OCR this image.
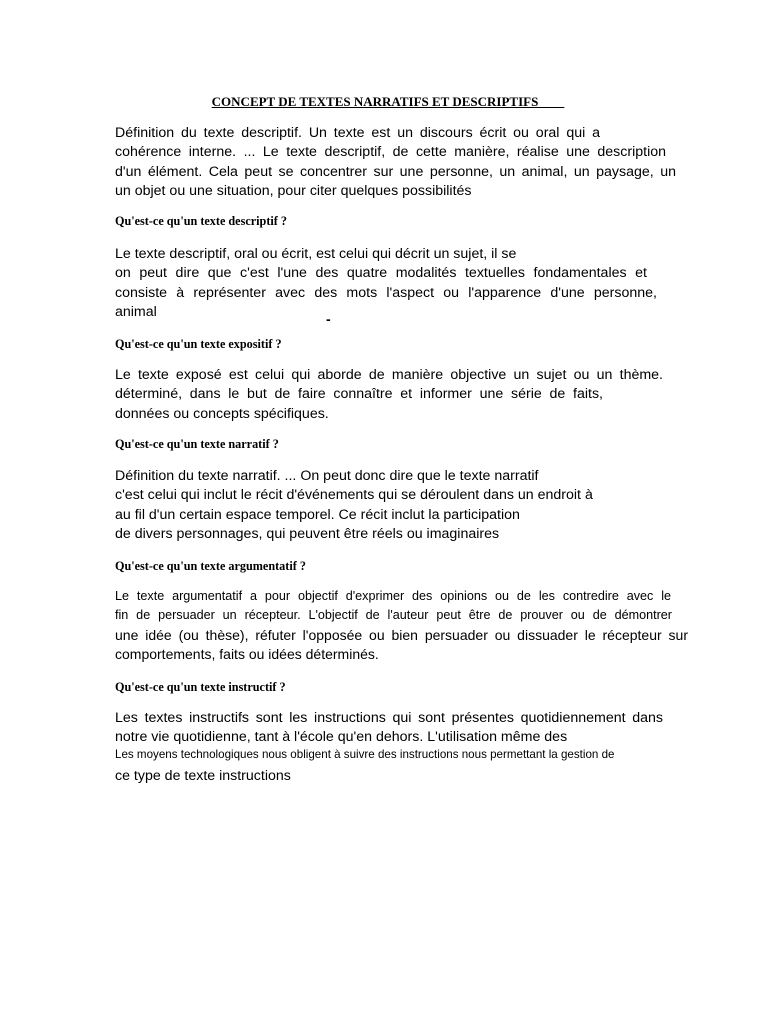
CONCEPT DE TEXTES NARRATIFS ET DESCRIPTIFS
Définition du texte descriptif. Un texte est un discours écrit ou oral qui a
cohérence interne. ... Le texte descriptif, de cette manière, réalise une description
d'un élément. Cela peut se concentrer sur une personne, un animal, un paysage, un
un objet ou une situation, pour citer quelques possibilités
Qu'est-ce qu'un texte descriptif ?
Le texte descriptif, oral ou écrit, est celui qui décrit un sujet, il se
on peut dire que c'est l'une des quatre modalités textuelles fondamentales et
consiste à représenter avec des mots l'aspect ou l'apparence d'une personne,
animal	-
Qu'est-ce qu'un texte expositif ?
Le texte exposé est celui qui aborde de manière objective un sujet ou un thème.
déterminé, dans le but de faire connaître et informer une série de faits,
données ou concepts spécifiques.
Qu'est-ce qu'un texte narratif ?
Définition du texte narratif. ... On peut donc dire que le texte narratif
c'est celui qui inclut le récit d'événements qui se déroulent dans un endroit à
au fil d'un certain espace temporel. Ce récit inclut la participation
de divers personnages, qui peuvent être réels ou imaginaires
Qu'est-ce qu'un texte argumentatif ?
Le texte argumentatif a pour objectif d'exprimer des opinions ou de les contredire avec le
fin de persuader un récepteur. L'objectif de l'auteur peut être de prouver ou de démontrer
une idée (ou thèse), réfuter l'opposée ou bien persuader ou dissuader le récepteur sur
comportements, faits ou idées déterminés.
Qu'est-ce qu'un texte instructif ?
Les textes instructifs sont les instructions qui sont présentes quotidiennement dans
notre vie quotidienne, tant à l'école qu'en dehors. L'utilisation même des
Les moyens technologiques nous obligent à suivre des instructions nous permettant la gestion de
ce type de texte instructions
